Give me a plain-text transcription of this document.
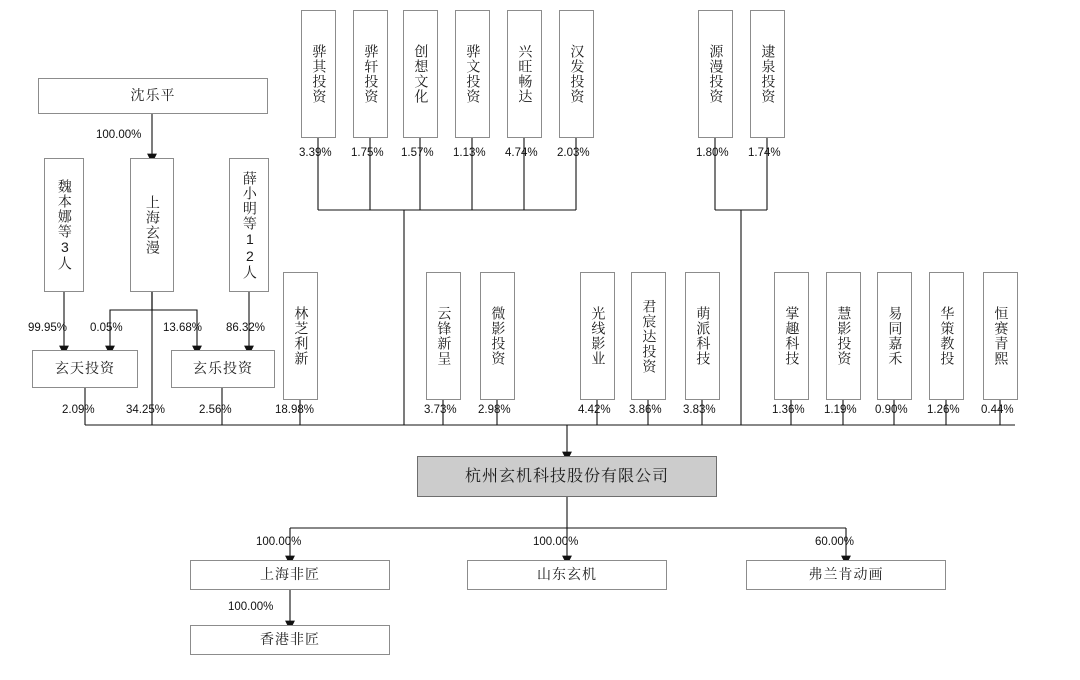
沈乐平
魏本娜等3人	上海玄漫	薛小明等12人
玄天投资	玄乐投资
骅其投资	骅轩投资 创想文化	骅文投资	兴旺畅达	汉发投资	源漫投资	逮泉投资
林芝利新	云锋新呈	微影投资	光线影业	君宸达投资	萌派科技	掌趣科技	慧影投资	易同嘉禾	华策教投	恒赛青熙
杭州玄机科技股份有限公司
上海非匠	山东玄机	弗兰肯动画
香港非匠
100.00%
99.95% 0.05%	13.68% 86.32%
2.09%	34.25%	2.56%
3.39% 1.75% 1.57% 1.13% 4.74% 2.03%	1.80% 1.74%
18.98%	3.73% 2.98%	4.42% 3.86% 3.83%	1.36% 1.19% 0.90% 1.26% 0.44%
100.00%	100.00%	60.00%
100.00%
